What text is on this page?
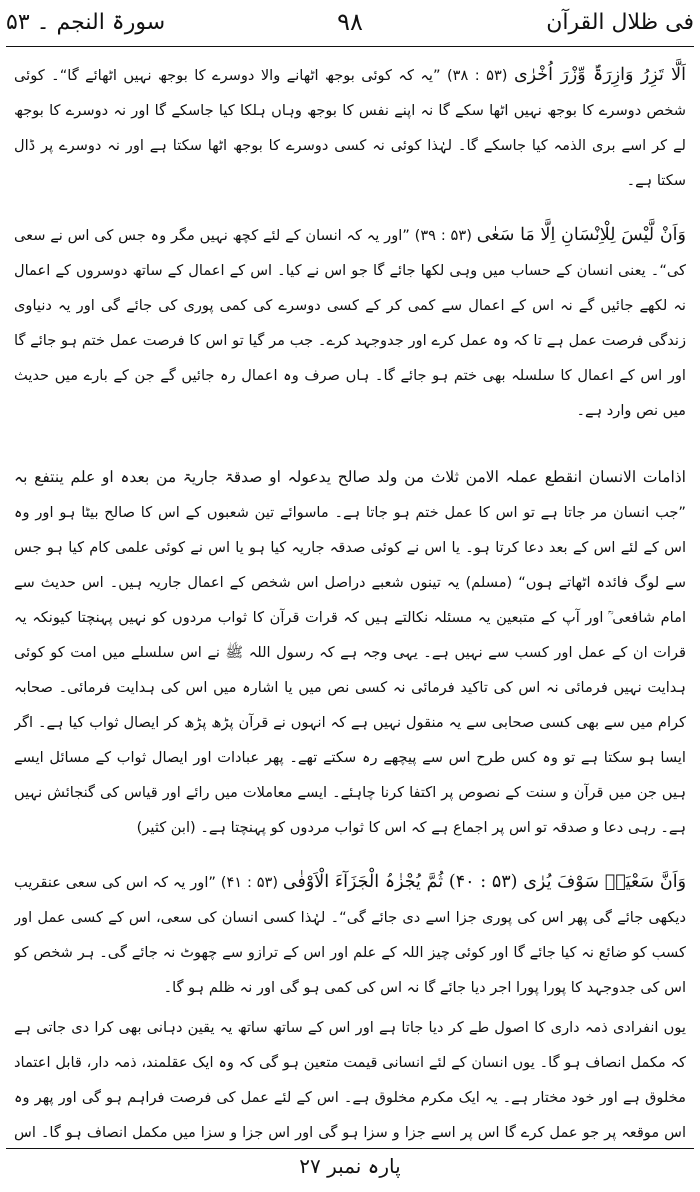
فی ظلال القرآن
۹۸
سورۃ النجم ۔ ۵۳

اَلَّا تَزِرُ وَازِرَۃٌ وِّزْرَ اُخْرٰی (۵۳ : ۳۸) ”یہ کہ کوئی بوجھ اٹھانے والا دوسرے کا بوجھ نہیں اٹھائے گا“۔ کوئی شخص دوسرے کا بوجھ نہیں اٹھا سکے گا نہ اپنے نفس کا بوجھ وہاں ہلکا کیا جاسکے گا اور نہ دوسرے کا بوجھ لے کر اسے بری الذمہ کیا جاسکے گا۔ لہٰذا کوئی نہ کسی دوسرے کا بوجھ اٹھا سکتا ہے اور نہ دوسرے پر ڈال سکتا ہے۔

وَاَنْ لَّیْسَ لِلْاِنْسَانِ اِلَّا مَا سَعٰی (۵۳ : ۳۹) ”اور یہ کہ انسان کے لئے کچھ نہیں مگر وہ جس کی اس نے سعی کی“۔ یعنی انسان کے حساب میں وہی لکھا جائے گا جو اس نے کیا۔ اس کے اعمال کے ساتھ دوسروں کے اعمال نہ لکھے جائیں گے نہ اس کے اعمال سے کمی کر کے کسی دوسرے کی کمی پوری کی جائے گی اور یہ دنیاوی زندگی فرصت عمل ہے تا کہ وہ عمل کرے اور جدوجہد کرے۔ جب مر گیا تو اس کا فرصت عمل ختم ہو جائے گا اور اس کے اعمال کا سلسلہ بھی ختم ہو جائے گا۔ ہاں صرف وہ اعمال رہ جائیں گے جن کے بارے میں حدیث میں نص وارد ہے۔

اذامات الانسان انقطع عملہ الامن ثلاث من ولد صالح یدعولہ او صدقۃ جاریۃ من بعدہ او علم ینتفع بہ ”جب انسان مر جاتا ہے تو اس کا عمل ختم ہو جاتا ہے۔ ماسوائے تین شعبوں کے اس کا صالح بیٹا ہو اور وہ اس کے لئے اس کے بعد دعا کرتا ہو۔ یا اس نے کوئی صدقہ جاریہ کیا ہو یا اس نے کوئی علمی کام کیا ہو جس سے لوگ فائدہ اٹھاتے ہوں“ (مسلم) یہ تینوں شعبے دراصل اس شخص کے اعمال جاریہ ہیں۔ اس حدیث سے امام شافعی ؒ اور آپ کے متبعین یہ مسئلہ نکالتے ہیں کہ قرات قرآن کا ثواب مردوں کو نہیں پہنچتا کیونکہ یہ قرات ان کے عمل اور کسب سے نہیں ہے۔ یہی وجہ ہے کہ رسول اللہ ﷺ نے اس سلسلے میں امت کو کوئی ہدایت نہیں فرمائی نہ اس کی تاکید فرمائی نہ کسی نص میں یا اشارہ میں اس کی ہدایت فرمائی۔ صحابہ کرام میں سے بھی کسی صحابی سے یہ منقول نہیں ہے کہ انہوں نے قرآن پڑھ پڑھ کر ایصال ثواب کیا ہے۔ اگر ایسا ہو سکتا ہے تو وہ کس طرح اس سے پیچھے رہ سکتے تھے۔ پھر عبادات اور ایصال ثواب کے مسائل ایسے ہیں جن میں قرآن و سنت کے نصوص پر اکتفا کرنا چاہئے۔ ایسے معاملات میں رائے اور قیاس کی گنجائش نہیں ہے۔ رہی دعا و صدقہ تو اس پر اجماع ہے کہ اس کا ثواب مردوں کو پہنچتا ہے۔ (ابن کثیر)

وَاَنَّ سَعْیَہٗ سَوْفَ یُرٰی (۵۳ : ۴۰) ثُمَّ یُجْزٰہُ الْجَزَآءَ الْاَوْفٰی (۵۳ : ۴۱) ”اور یہ کہ اس کی سعی عنقریب دیکھی جائے گی پھر اس کی پوری جزا اسے دی جائے گی“۔ لہٰذا کسی انسان کی سعی، اس کے کسی عمل اور کسب کو ضائع نہ کیا جائے گا اور کوئی چیز اللہ کے علم اور اس کے ترازو سے چھوٹ نہ جائے گی۔ ہر شخص کو اس کی جدوجہد کا پورا پورا اجر دیا جائے گا نہ اس کی کمی ہو گی اور نہ ظلم ہو گا۔

یوں انفرادی ذمہ داری کا اصول طے کر دیا جاتا ہے اور اس کے ساتھ ساتھ یہ یقین دہانی بھی کرا دی جاتی ہے کہ مکمل انصاف ہو گا۔ یوں انسان کے لئے انسانی قیمت متعین ہو گی کہ وہ ایک عقلمند، ذمہ دار، قابل اعتماد مخلوق ہے اور خود مختار ہے۔ یہ ایک مکرم مخلوق ہے۔ اس کے لئے عمل کی فرصت فراہم ہو گی اور پھر وہ اس موقعہ پر جو عمل کرے گا اس پر اسے جزا و سزا ہو گی اور اس جزا و سزا میں مکمل انصاف ہو گا۔ اس

پارہ نمبر ۲۷
